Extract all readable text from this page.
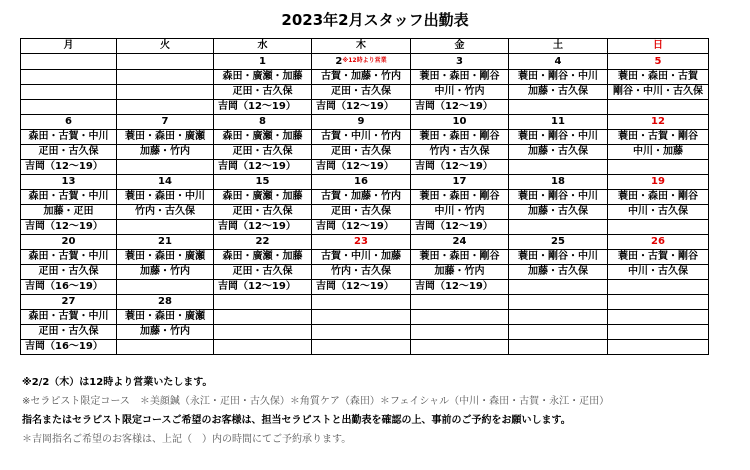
2023年2月スタッフ出勤表
月	火	水	木	金	土	日
		1	2$^{※12時より営業}$	3	4	5
		森田・廣瀬・加藤	古賀・加藤・竹内	蓑田・森田・剛谷	蓑田・剛谷・中川	蓑田・森田・古賀
		疋田・古久保	疋田・古久保	中川・竹内	加藤・古久保	剛谷・中川・古久保
		吉岡（12～19）	吉岡（12～19）	吉岡（12～19）		
6	7	8	9	10	11	12
森田・古賀・中川	蓑田・森田・廣瀬	森田・廣瀬・加藤	古賀・中川・竹内	蓑田・森田・剛谷	蓑田・剛谷・中川	蓑田・古賀・剛谷
疋田・古久保	加藤・竹内	疋田・古久保	疋田・古久保	竹内・古久保	加藤・古久保	中川・加藤
吉岡（12～19）		吉岡（12～19）	吉岡（12～19）	吉岡（12～19）		
13	14	15	16	17	18	19
森田・古賀・中川	蓑田・森田・中川	森田・廣瀬・加藤	古賀・加藤・竹内	蓑田・森田・剛谷	蓑田・剛谷・中川	蓑田・森田・剛谷
加藤・疋田	竹内・古久保	疋田・古久保	疋田・古久保	中川・竹内	加藤・古久保	中川・古久保
吉岡（12～19）		吉岡（12～19）	吉岡（12～19）	吉岡（12～19）		
20	21	22	23	24	25	26
森田・古賀・中川	蓑田・森田・廣瀬	森田・廣瀬・加藤	古賀・中川・加藤	蓑田・森田・剛谷	蓑田・剛谷・中川	蓑田・古賀・剛谷
疋田・古久保	加藤・竹内	疋田・古久保	竹内・古久保	加藤・竹内	加藤・古久保	中川・古久保
吉岡（16～19）		吉岡（12～19）	吉岡（12～19）	吉岡（12～19）		
27	28					
森田・古賀・中川	蓑田・森田・廣瀬					
疋田・古久保	加藤・竹内					
吉岡（16～19）						
※2/2（木）は12時より営業いたします。
※セラピスト限定コース　＊美顔鍼（永江・疋田・古久保）＊角質ケア（森田）＊フェイシャル（中川・森田・古賀・永江・疋田）
指名またはセラピスト限定コースご希望のお客様は、担当セラピストと出勤表を確認の上、事前のご予約をお願いします。
＊吉岡指名ご希望のお客様は、上記（　）内の時間にてご予約承ります。
